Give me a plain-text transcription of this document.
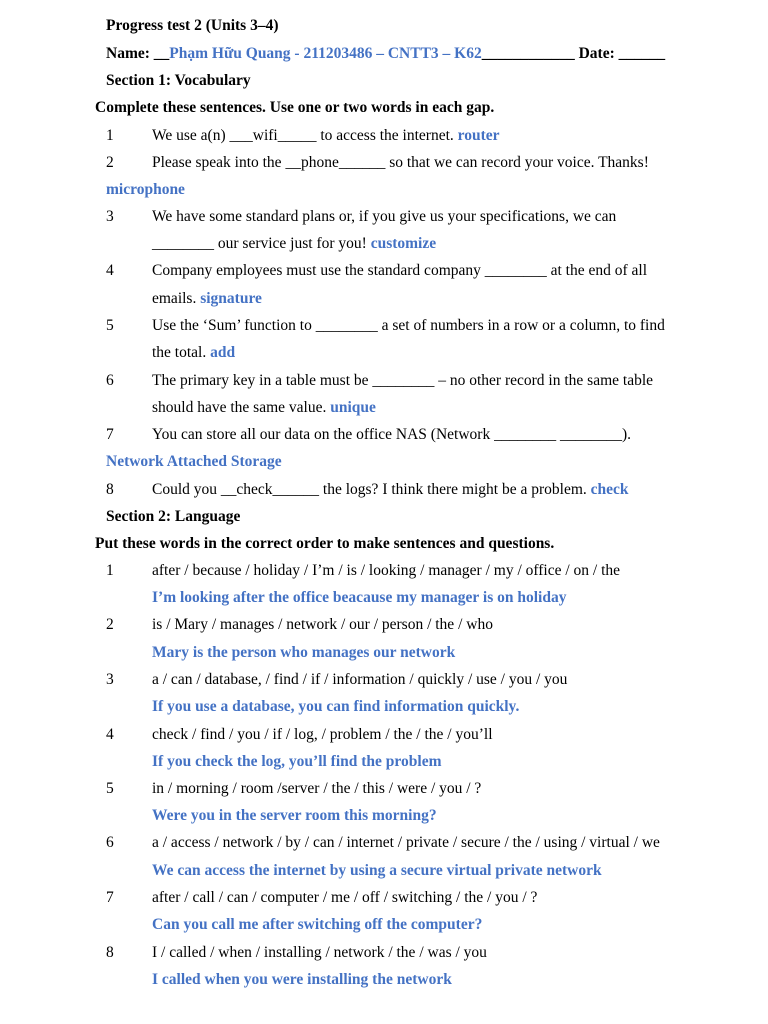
Progress test 2 (Units 3–4)
Name: __Phạm Hữu Quang - 211203486 – CNTT3 – K62____________ Date: ______
Section 1: Vocabulary
Complete these sentences. Use one or two words in each gap.
1 We use a(n) ___wifi_____ to access the internet. router
2 Please speak into the __phone______ so that we can record your voice. Thanks!
microphone
3 We have some standard plans or, if you give us your specifications, we can
________ our service just for you! customize
4 Company employees must use the standard company ________ at the end of all
emails. signature
5 Use the ‘Sum’ function to ________ a set of numbers in a row or a column, to find
the total. add
6 The primary key in a table must be ________ – no other record in the same table
should have the same value. unique
7 You can store all our data on the office NAS (Network ________ ________).
Network Attached Storage
8 Could you __check______ the logs? I think there might be a problem. check
Section 2: Language
Put these words in the correct order to make sentences and questions.
1 after / because / holiday / I’m / is / looking / manager / my / office / on / the
I’m looking after the office beacause my manager is on holiday
2 is / Mary / manages / network / our / person / the / who
Mary is the person who manages our network
3 a / can / database, / find / if / information / quickly / use / you / you
If you use a database, you can find information quickly.
4 check / find / you / if / log, / problem / the / the / you’ll
If you check the log, you’ll find the problem
5 in / morning / room /server / the / this / were / you / ?
Were you in the server room this morning?
6 a / access / network / by / can / internet / private / secure / the / using / virtual / we
We can access the internet by using a secure virtual private network
7 after / call / can / computer / me / off / switching / the / you / ?
Can you call me after switching off the computer?
8 I / called / when / installing / network / the / was / you
I called when you were installing the network
